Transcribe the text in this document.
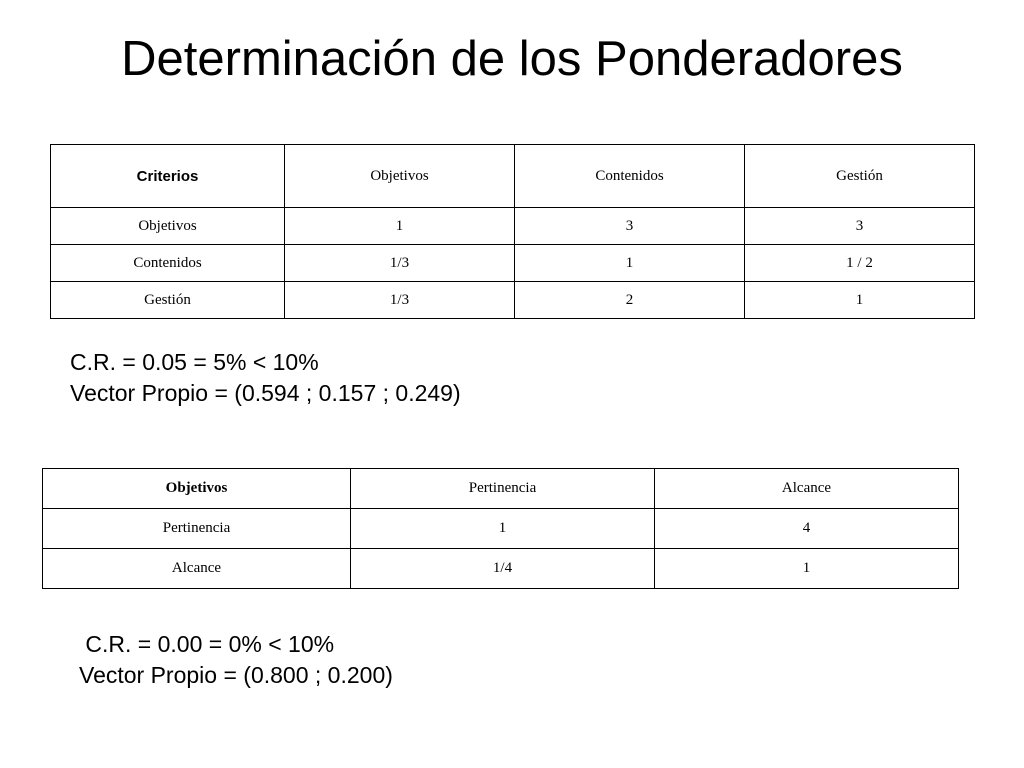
Determinación de los Ponderadores
Criterios	Objetivos	Contenidos	Gestión
Objetivos	1	3	3
Contenidos	1/3	1	1 / 2
Gestión	1/3	2	1
C.R. = 0.05 = 5% < 10%
Vector Propio = (0.594 ; 0.157 ; 0.249)
Objetivos	Pertinencia	Alcance
Pertinencia	1	4
Alcance	1/4	1
C.R. = 0.00 = 0% < 10%
Vector Propio = (0.800 ; 0.200)
